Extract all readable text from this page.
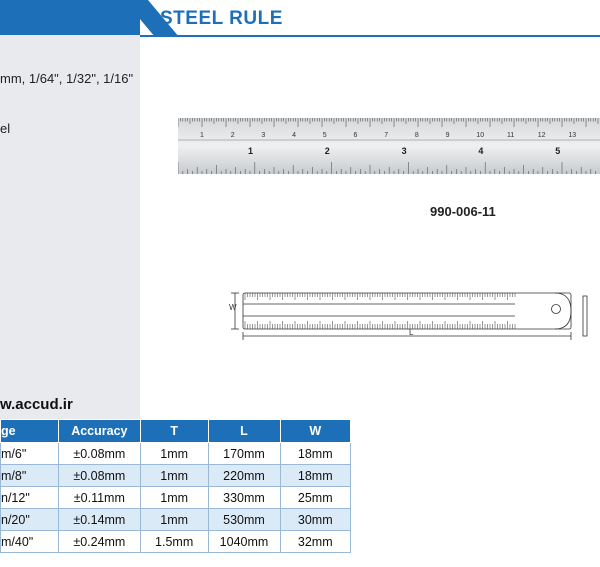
STEEL RULE
mm, 1/64", 1/32", 1/16"
el	1	2	3	4	5	6	7	8	9	10	11	12	13
1	2	3	4	5
990-006-11
W
L
w.accud.ir
ge	Accuracy	T	L	W
m/6"	±0.08mm	1mm	170mm	18mm
m/8"	±0.08mm	1mm	220mm	18mm
n/12"	±0.11mm	1mm	330mm	25mm
n/20"	±0.14mm	1mm	530mm	30mm
m/40"	±0.24mm	1.5mm	1040mm	32mm
